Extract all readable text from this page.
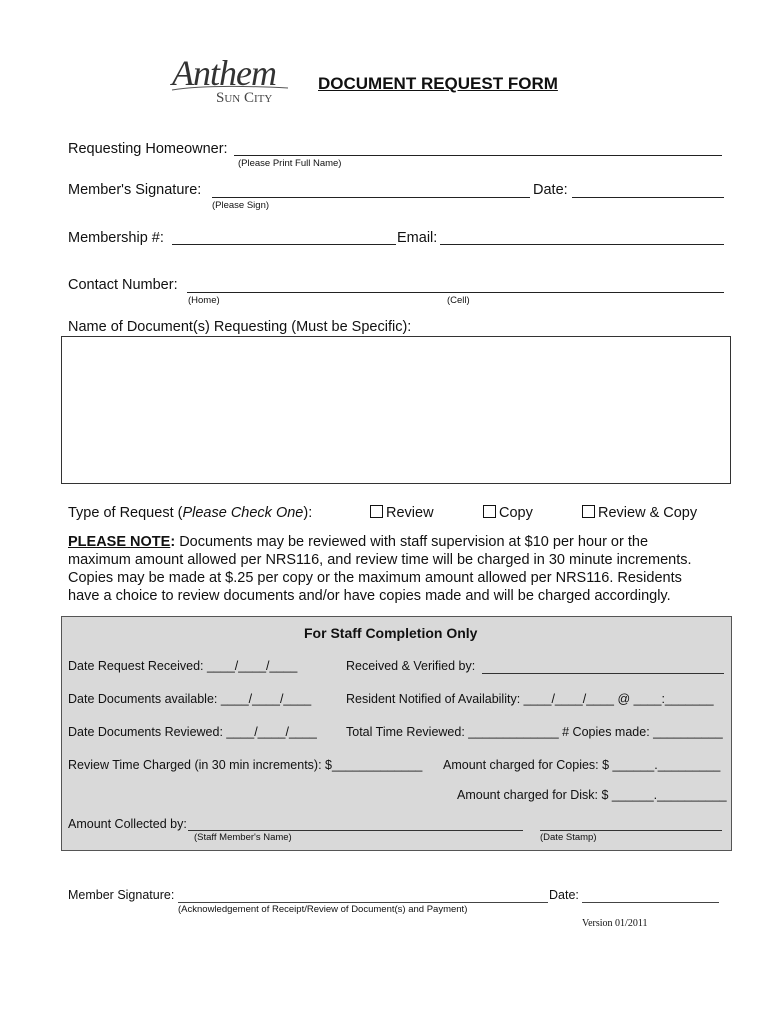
Anthem
Sun City
DOCUMENT REQUEST FORM
Requesting Homeowner:
(Please Print Full Name)
Member's Signature:
(Please Sign)
Date:
Membership #:	Email:
Contact Number:
(Home)	(Cell)
Name of Document(s) Requesting (Must be Specific):
Type of Request (Please Check One):	Review	Copy	Review & Copy
PLEASE NOTE: Documents may be reviewed with staff supervision at $10 per hour or the
maximum amount allowed per NRS116, and review time will be charged in 30 minute increments.
Copies may be made at $.25 per copy or the maximum amount allowed per NRS116. Residents
have a choice to review documents and/or have copies made and will be charged accordingly.
For Staff Completion Only
Date Request Received: ____/____/____	Received & Verified by:
Date Documents available: ____/____/____	Resident Notified of Availability: ____/____/____ @ ____:_______
Date Documents Reviewed: ____/____/____ Total Time Reviewed: _____________ # Copies made: __________
Review Time Charged (in 30 min increments): $_____________ Amount charged for Copies: $ ______._________
Amount charged for Disk: $ ______.__________
Amount Collected by:
(Staff Member's Name)	(Date Stamp)
Member Signature:	Date:
(Acknowledgement of Receipt/Review of Document(s) and Payment)
Version 01/2011
